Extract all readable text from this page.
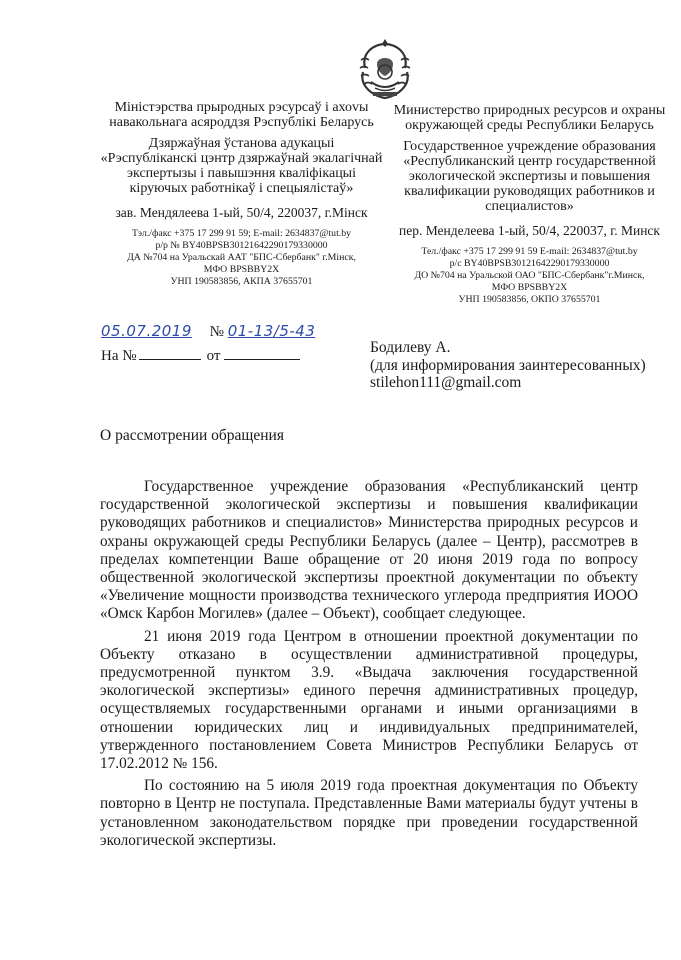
Міністэрства прыродных рэсурсаў і ахоvы навакольнага асяроддзя Рэспублікі Беларусь
Дзяржаўная ўстанова адукацыі «Рэспубліканскі цэнтр дзяржаўнай экалагічнай экспертызы і павышэння кваліфікацыі кіруючых работнікаў і спецыялістаў»
зав. Мендялеева 1-ый, 50/4, 220037, г.Мінск
Тэл./факс +375 17 299 91 59; E-mail: 2634837@tut.by
р/р № BY40BPSB30121642290179330000
ДА №704 на Уральскай ААТ "БПС-Сбербанк" г.Мінск,
МФО BPSBBY2X
УНП 190583856, АКПА 37655701
Министерство природных ресурсов и охраны окружающей среды Республики Беларусь
Государственное учреждение образования «Республиканский центр государственной экологической экспертизы и повышения квалификации руководящих работников и специалистов»
пер. Менделеева 1-ый, 50/4, 220037, г. Минск
Тел./факс +375 17 299 91 59 E-mail: 2634837@tut.by
р/с BY40BPSB30121642290179330000
ДО №704 на Уральской ОАО "БПС-Сбербанк"г.Минск,
МФО BPSBBY2X
УНП 190583856, ОКПО 37655701
05.07.2019 № 01-13/5-43
На №	от	Бодилеву А.
(для информирования заинтересованных)
stilehon111@gmail.com
О рассмотрении обращения

Государственное учреждение образования «Республиканский центр государственной экологической экспертизы и повышения квалификации руководящих работников и специалистов» Министерства природных ресурсов и охраны окружающей среды Республики Беларусь (далее – Центр), рассмотрев в пределах компетенции Ваше обращение от 20 июня 2019 года по вопросу общественной экологической экспертизы проектной документации по объекту «Увеличение мощности производства технического углерода предприятия ИООО «Омск Карбон Могилев» (далее – Объект), сообщает следующее.

21 июня 2019 года Центром в отношении проектной документации по Объекту отказано в осуществлении административной процедуры, предусмотренной пунктом 3.9. «Выдача заключения государственной экологической экспертизы» единого перечня административных процедур, осуществляемых государственными органами и иными организациями в отношении юридических лиц и индивидуальных предпринимателей, утвержденного постановлением Совета Министров Республики Беларусь от 17.02.2012 № 156.

По состоянию на 5 июля 2019 года проектная документация по Объекту повторно в Центр не поступала. Представленные Вами материалы будут учтены в установленном законодательством порядке при проведении государственной экологической экспертизы.
